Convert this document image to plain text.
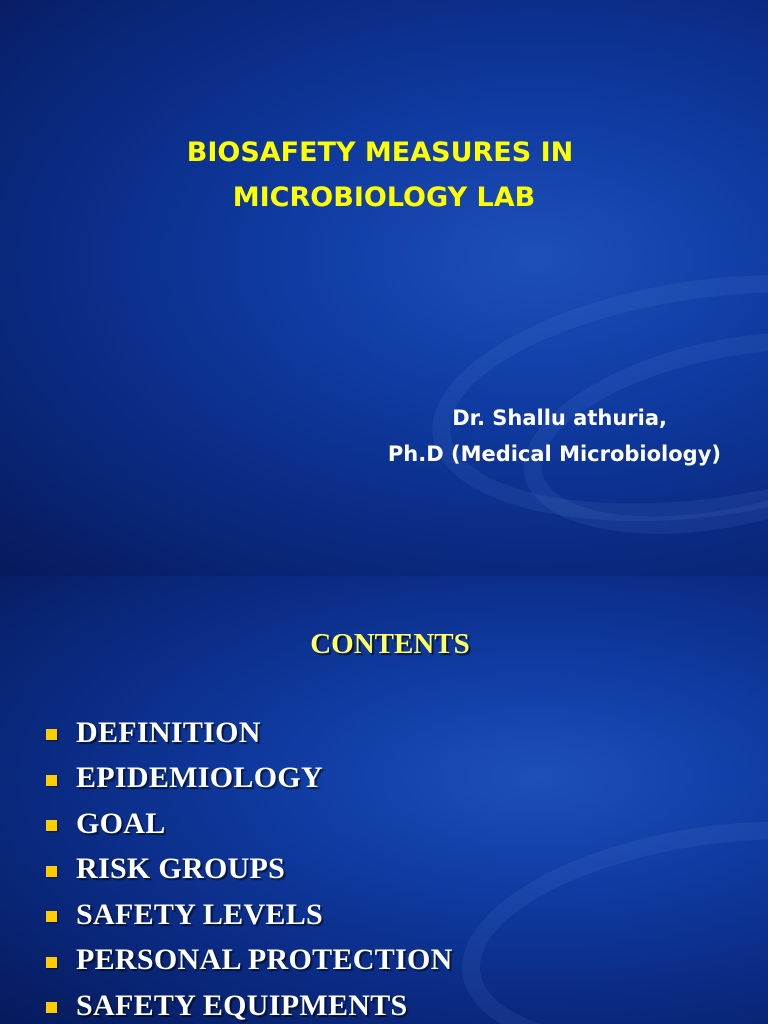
BIOSAFETY MEASURES IN
MICROBIOLOGY LAB
Dr. Shallu athuria,
Ph.D (Medical Microbiology)
CONTENTS
DEFINITION
EPIDEMIOLOGY
GOAL
RISK GROUPS
SAFETY LEVELS
PERSONAL PROTECTION
SAFETY EQUIPMENTS
